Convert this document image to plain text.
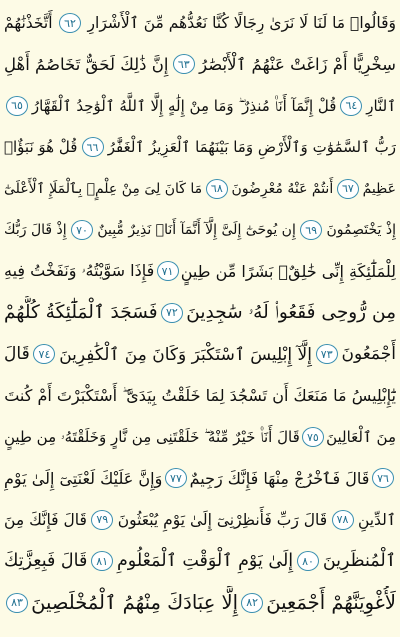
وَقَالُوا۟ مَا لَنَا لَا نَرَىٰ رِجَالًا كُنَّا نَعُدُّهُم مِّنَ ٱلْأَشْرَارِ
٦٢
أَتَّخَذْنَٰهُمْ
سِخْرِيًّا أَمْ زَاغَتْ عَنْهُمُ ٱلْأَبْصَٰرُ
٦٣
إِنَّ ذَٰلِكَ لَحَقٌّ تَخَاصُمُ أَهْلِ
ٱلنَّارِ
٦٤
قُلْ إِنَّمَآ أَنَا۠ مُنذِرٌ ۖ وَمَا مِنْ إِلَٰهٍ إِلَّا ٱللَّهُ ٱلْوَٰحِدُ ٱلْقَهَّارُ
٦٥
رَبُّ ٱلسَّمَٰوَٰتِ وَٱلْأَرْضِ وَمَا بَيْنَهُمَا ٱلْعَزِيزُ ٱلْغَفَّٰرُ
٦٦
قُلْ هُوَ نَبَؤٌا۟
عَظِيمٌ
٦٧
أَنتُمْ عَنْهُ مُعْرِضُونَ
٦٨
مَا كَانَ لِىَ مِنْ عِلْمٍۭ بِٱلْمَلَإِ ٱلْأَعْلَىٰٓ
إِذْ يَخْتَصِمُونَ
٦٩
إِن يُوحَىٰٓ إِلَىَّ إِلَّآ أَنَّمَآ أَنَا۠ نَذِيرٌ مُّبِينٌ
٧٠
إِذْ قَالَ رَبُّكَ
لِلْمَلَٰٓئِكَةِ إِنِّى خَٰلِقٌۢ بَشَرًا مِّن طِينٍ
٧١
فَإِذَا سَوَّيْتُهُۥ وَنَفَخْتُ فِيهِ
مِن رُّوحِى فَقَعُوا۟ لَهُۥ سَٰجِدِينَ
٧٢
فَسَجَدَ ٱلْمَلَٰٓئِكَةُ كُلُّهُمْ
أَجْمَعُونَ
٧٣
إِلَّآ إِبْلِيسَ ٱسْتَكْبَرَ وَكَانَ مِنَ ٱلْكَٰفِرِينَ
٧٤
قَالَ
يَٰٓإِبْلِيسُ مَا مَنَعَكَ أَن تَسْجُدَ لِمَا خَلَقْتُ بِيَدَىَّ ۖ أَسْتَكْبَرْتَ أَمْ كُنتَ
مِنَ ٱلْعَالِينَ
٧٥
قَالَ أَنَا۠ خَيْرٌ مِّنْهُ ۖ خَلَقْتَنِى مِن نَّارٍ وَخَلَقْتَهُۥ مِن طِينٍ
٧٦
قَالَ فَٱخْرُجْ مِنْهَا فَإِنَّكَ رَجِيمٌ
٧٧
وَإِنَّ عَلَيْكَ لَعْنَتِىٓ إِلَىٰ يَوْمِ
ٱلدِّينِ
٧٨
قَالَ رَبِّ فَأَنظِرْنِىٓ إِلَىٰ يَوْمِ يُبْعَثُونَ
٧٩
قَالَ فَإِنَّكَ مِنَ
ٱلْمُنظَرِينَ
٨٠
إِلَىٰ يَوْمِ ٱلْوَقْتِ ٱلْمَعْلُومِ
٨١
قَالَ فَبِعِزَّتِكَ
لَأُغْوِيَنَّهُمْ أَجْمَعِينَ
٨٢
إِلَّا عِبَادَكَ مِنْهُمُ ٱلْمُخْلَصِينَ
٨٣
